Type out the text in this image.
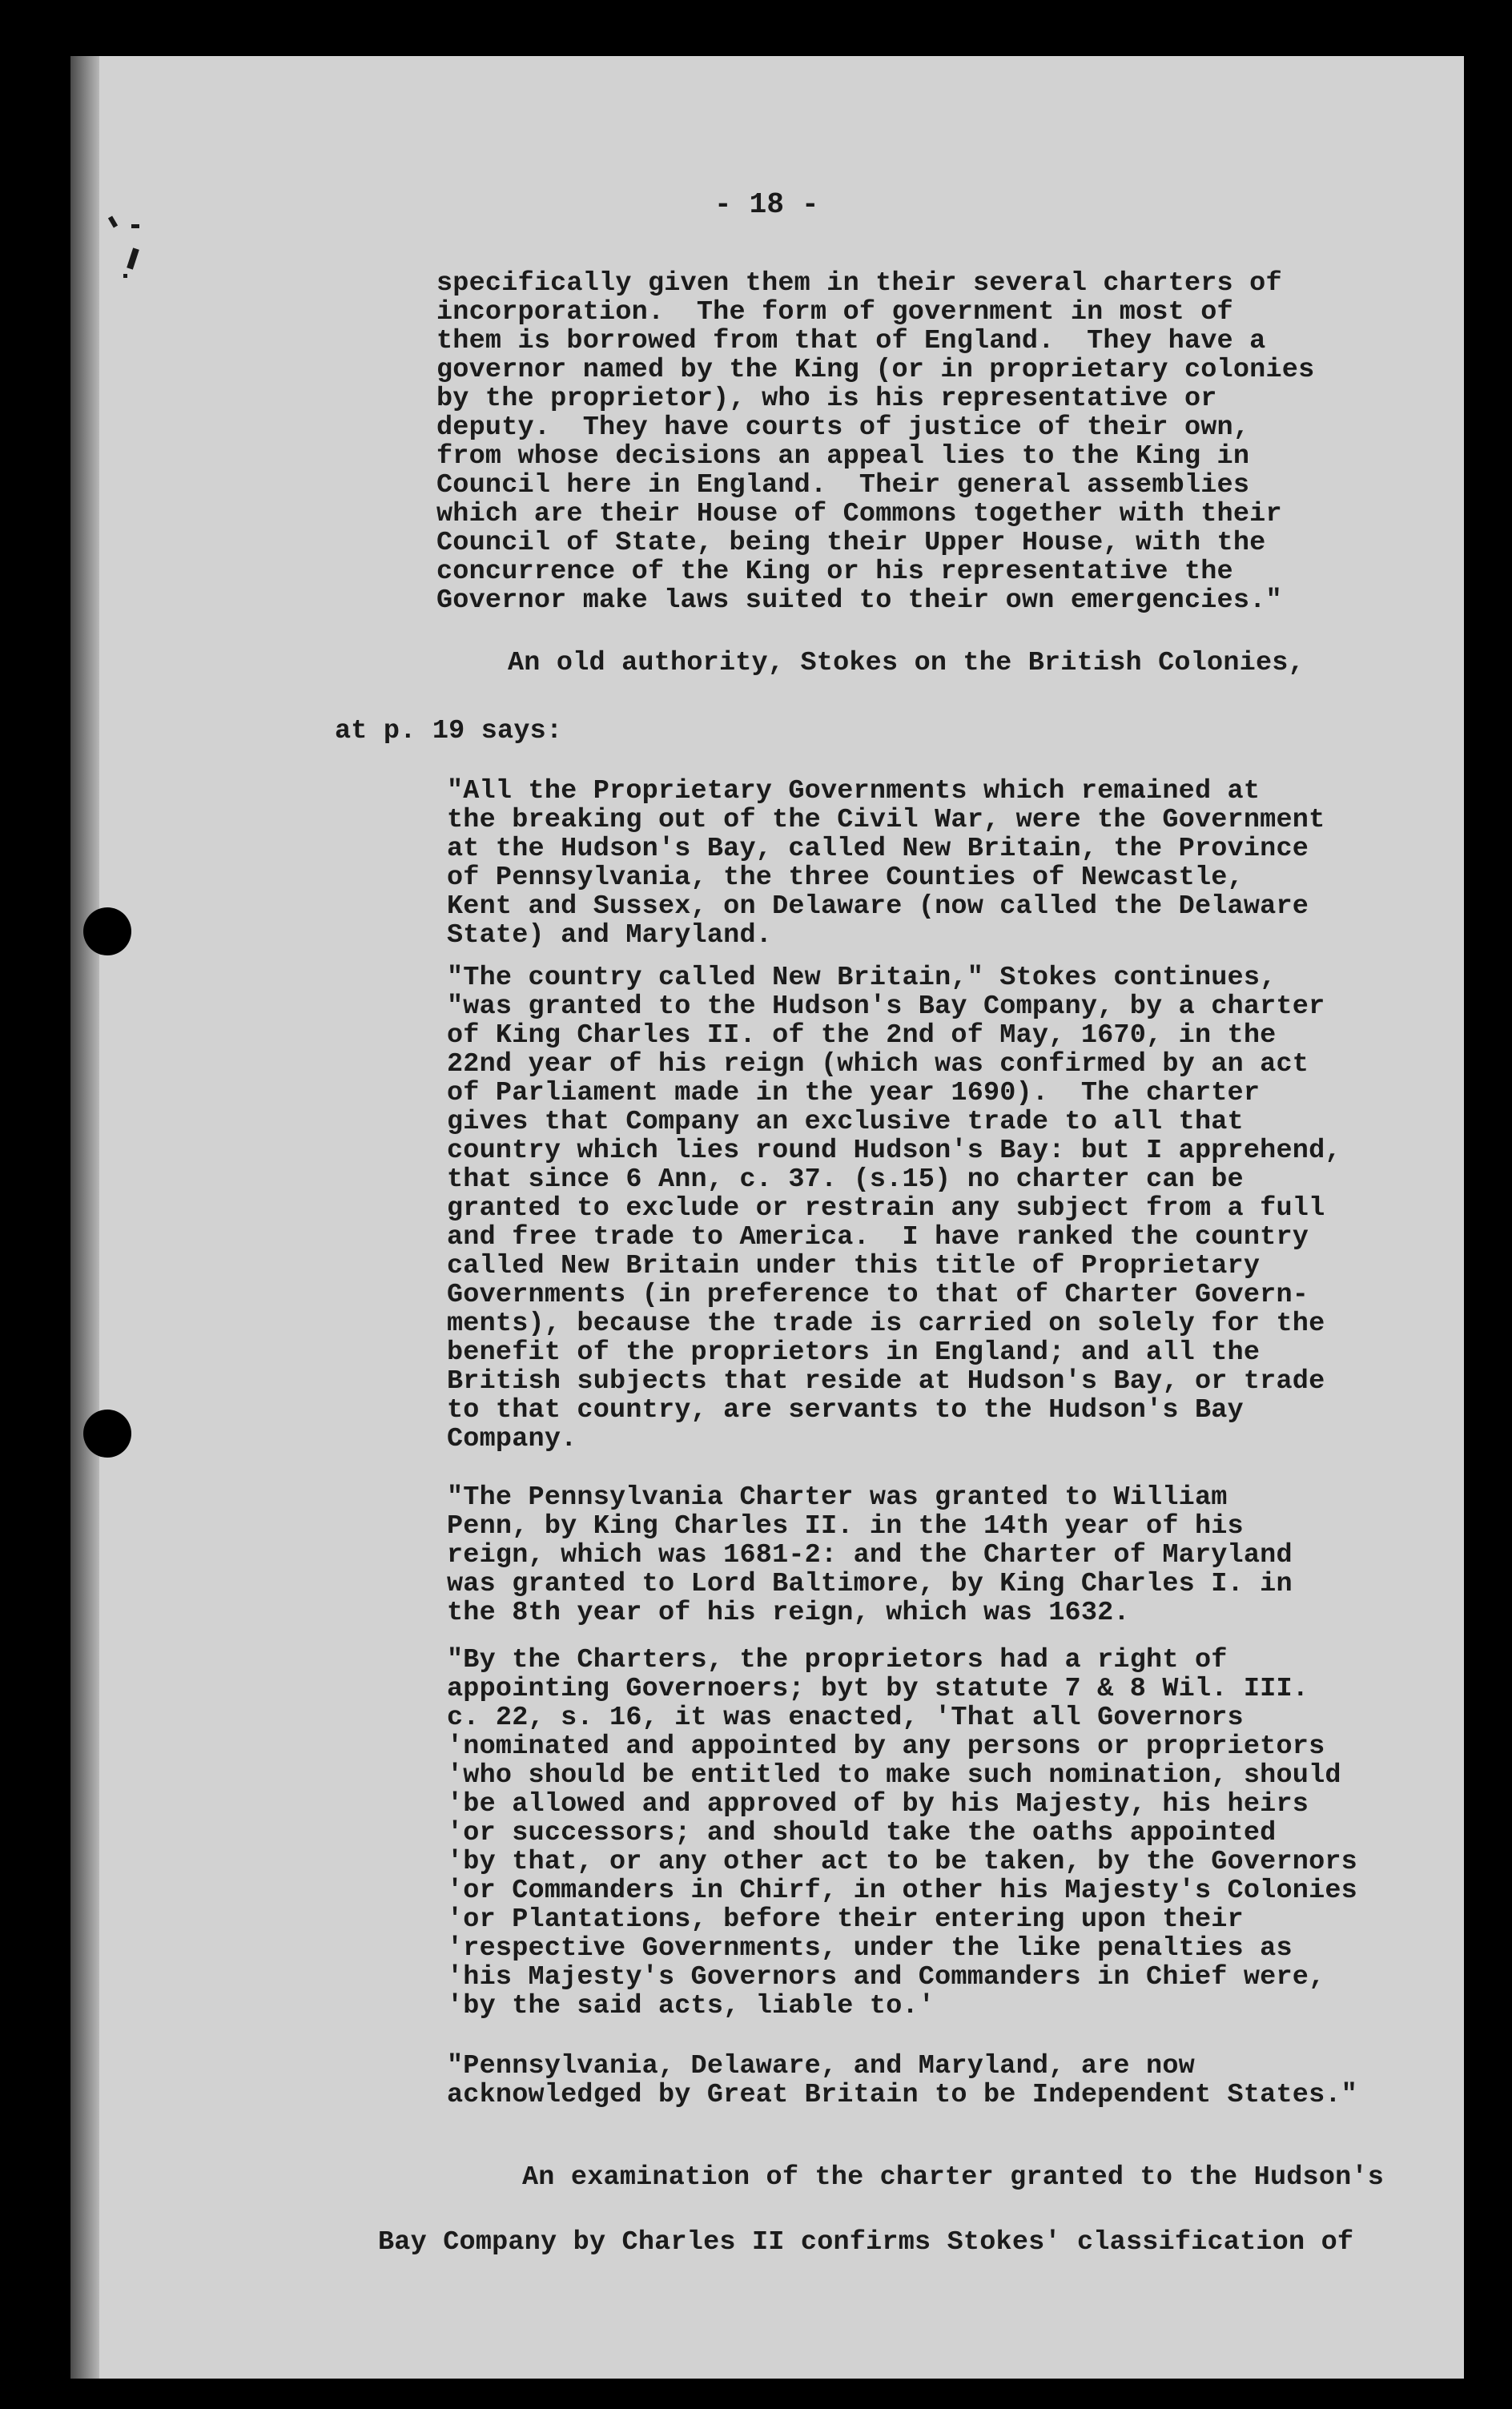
- 18 -

specifically given them in their several charters of
incorporation.  The form of government in most of
them is borrowed from that of England.  They have a
governor named by the King (or in proprietary colonies
by the proprietor), who is his representative or
deputy.  They have courts of justice of their own,
from whose decisions an appeal lies to the King in
Council here in England.  Their general assemblies
which are their House of Commons together with their
Council of State, being their Upper House, with the
concurrence of the King or his representative the
Governor make laws suited to their own emergencies."

An old authority, Stokes on the British Colonies,

at p. 19 says:

"All the Proprietary Governments which remained at
the breaking out of the Civil War, were the Government
at the Hudson's Bay, called New Britain, the Province
of Pennsylvania, the three Counties of Newcastle,
Kent and Sussex, on Delaware (now called the Delaware
State) and Maryland.

"The country called New Britain," Stokes continues,
"was granted to the Hudson's Bay Company, by a charter
of King Charles II. of the 2nd of May, 1670, in the
22nd year of his reign (which was confirmed by an act
of Parliament made in the year 1690).  The charter
gives that Company an exclusive trade to all that
country which lies round Hudson's Bay: but I apprehend,
that since 6 Ann, c. 37. (s.15) no charter can be
granted to exclude or restrain any subject from a full
and free trade to America.  I have ranked the country
called New Britain under this title of Proprietary
Governments (in preference to that of Charter Govern-
ments), because the trade is carried on solely for the
benefit of the proprietors in England; and all the
British subjects that reside at Hudson's Bay, or trade
to that country, are servants to the Hudson's Bay
Company.

"The Pennsylvania Charter was granted to William
Penn, by King Charles II. in the 14th year of his
reign, which was 1681-2: and the Charter of Maryland
was granted to Lord Baltimore, by King Charles I. in
the 8th year of his reign, which was 1632.

"By the Charters, the proprietors had a right of
appointing Governoers; byt by statute 7 & 8 Wil. III.
c. 22, s. 16, it was enacted, 'That all Governors
'nominated and appointed by any persons or proprietors
'who should be entitled to make such nomination, should
'be allowed and approved of by his Majesty, his heirs
'or successors; and should take the oaths appointed
'by that, or any other act to be taken, by the Governors
'or Commanders in Chirf, in other his Majesty's Colonies
'or Plantations, before their entering upon their
'respective Governments, under the like penalties as
'his Majesty's Governors and Commanders in Chief were,
'by the said acts, liable to.'

"Pennsylvania, Delaware, and Maryland, are now
acknowledged by Great Britain to be Independent States."

An examination of the charter granted to the Hudson's

Bay Company by Charles II confirms Stokes' classification of
